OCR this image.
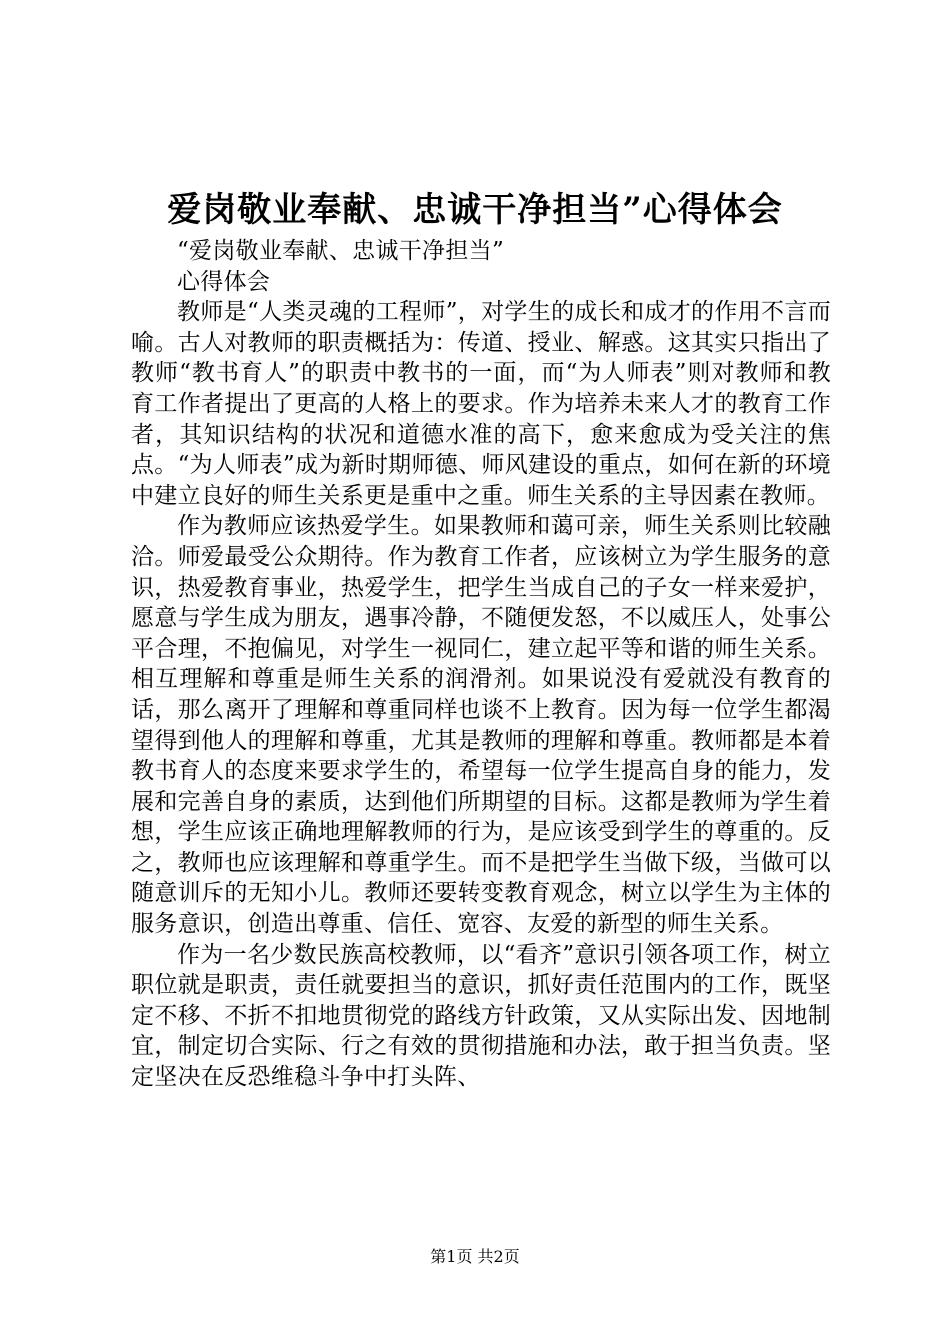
爱岗敬业奉献、忠诚干净担当”心得体会

“爱岗敬业奉献、忠诚干净担当”

心得体会

教师是“人类灵魂的工程师”，对学生的成长和成才的作用不言而喻。古人对教师的职责概括为：传道、授业、解惑。这其实只指出了教师“教书育人”的职责中教书的一面，而“为人师表”则对教师和教育工作者提出了更高的人格上的要求。作为培养未来人才的教育工作者，其知识结构的状况和道德水准的高下，愈来愈成为受关注的焦点。“为人师表”成为新时期师德、师风建设的重点，如何在新的环境中建立良好的师生关系更是重中之重。师生关系的主导因素在教师。

作为教师应该热爱学生。如果教师和蔼可亲，师生关系则比较融洽。师爱最受公众期待。作为教育工作者，应该树立为学生服务的意识，热爱教育事业，热爱学生，把学生当成自己的子女一样来爱护，愿意与学生成为朋友，遇事冷静，不随便发怒，不以威压人，处事公平合理，不抱偏见，对学生一视同仁，建立起平等和谐的师生关系。相互理解和尊重是师生关系的润滑剂。如果说没有爱就没有教育的话，那么离开了理解和尊重同样也谈不上教育。因为每一位学生都渴望得到他人的理解和尊重，尤其是教师的理解和尊重。教师都是本着教书育人的态度来要求学生的，希望每一位学生提高自身的能力，发展和完善自身的素质，达到他们所期望的目标。这都是教师为学生着想，学生应该正确地理解教师的行为，是应该受到学生的尊重的。反之，教师也应该理解和尊重学生。而不是把学生当做下级，当做可以随意训斥的无知小儿。教师还要转变教育观念，树立以学生为主体的服务意识，创造出尊重、信任、宽容、友爱的新型的师生关系。

作为一名少数民族高校教师，以“看齐”意识引领各项工作，树立职位就是职责，责任就要担当的意识，抓好责任范围内的工作，既坚定不移、不折不扣地贯彻党的路线方针政策，又从实际出发、因地制宜，制定切合实际、行之有效的贯彻措施和办法，敢于担当负责。坚定坚决在反恐维稳斗争中打头阵、

第1页 共2页
